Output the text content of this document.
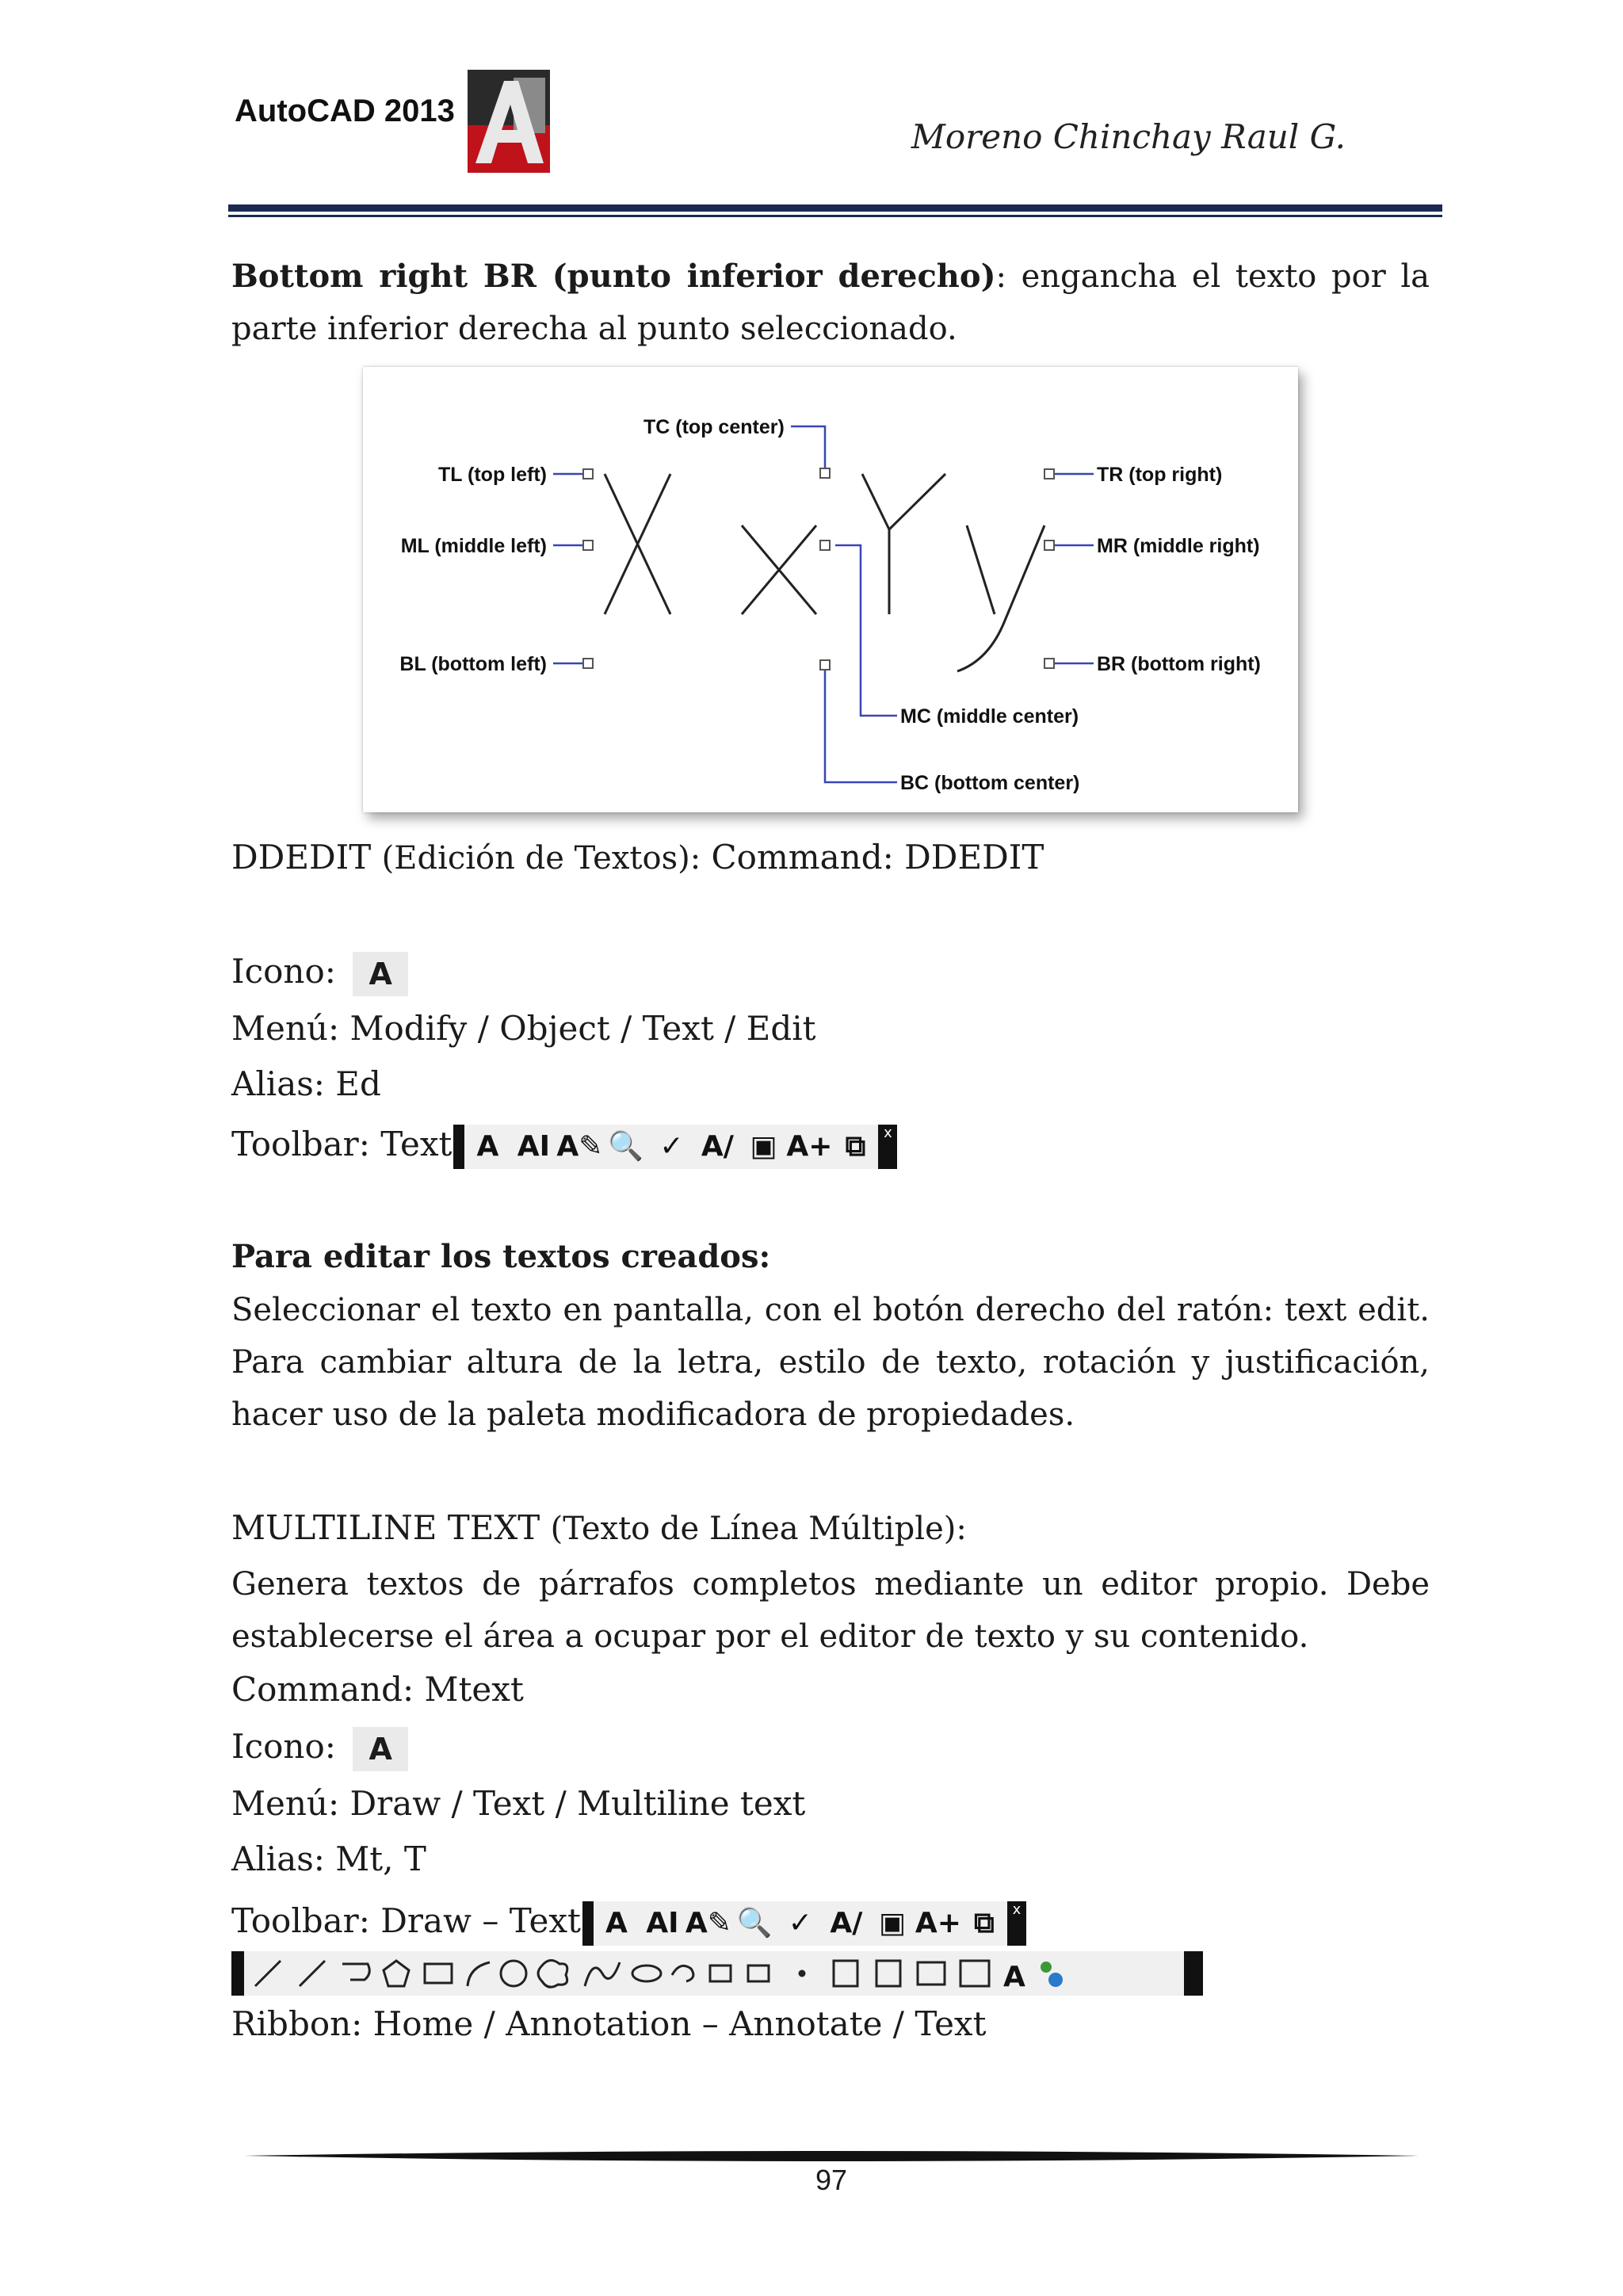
AutoCAD 2013
Moreno Chinchay Raul G.
Bottom right BR (punto inferior derecho): engancha el texto por la parte inferior derecha al punto seleccionado.
TC (top center)
TL (top left)
ML (middle left)
BL (bottom left)
TR (top right)
MR (middle right)
BR (bottom right)
MC (middle center)
BC (bottom center)
DDEDIT (Edición de Textos): Command: DDEDIT
Icono: A
Menú: Modify / Object / Text / Edit
Alias: Ed
Toolbar: Text A AI A✎ 🔍 ✓ A/ ▣ A+ ⧉	x
Para editar los textos creados:
Seleccionar el texto en pantalla, con el botón derecho del ratón: text edit. Para cambiar altura de la letra, estilo de texto, rotación y justificación, hacer uso de la paleta modificadora de propiedades.
MULTILINE TEXT (Texto de Línea Múltiple):
Genera textos de párrafos completos mediante un editor propio. Debe establecerse el área a ocupar por el editor de texto y su contenido.
Command: Mtext
Icono: A
Menú: Draw / Text / Multiline text
Alias: Mt, T
Toolbar: Draw – Text A AI A✎ 🔍 ✓ A/ ▣ A+ ⧉	x
A
Ribbon: Home / Annotation – Annotate / Text
97
